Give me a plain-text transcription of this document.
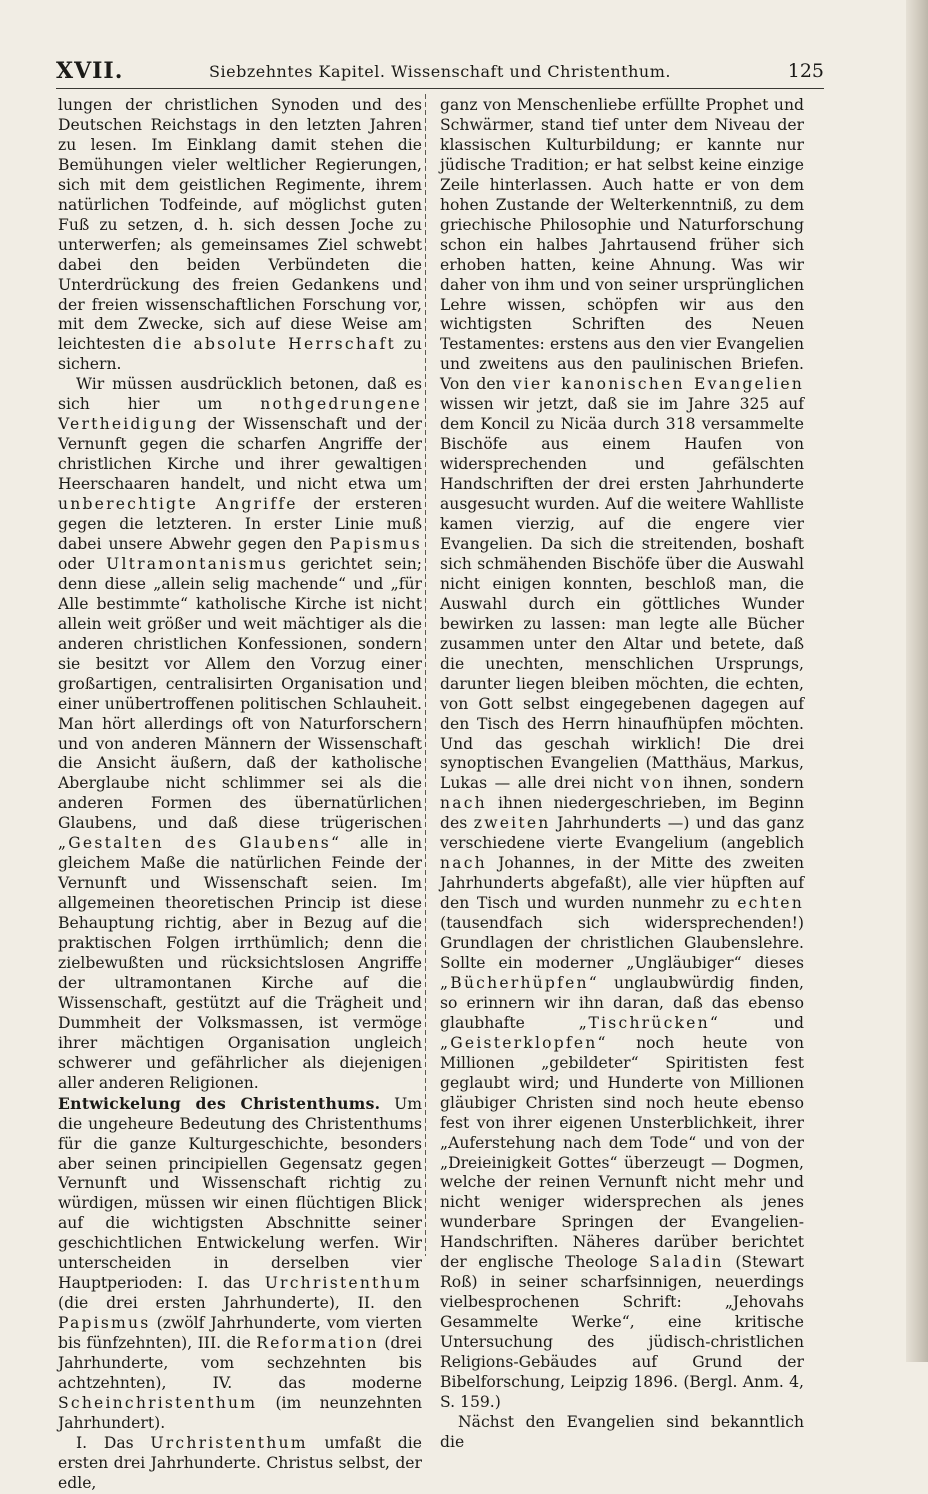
XVII.	Siebzehntes Kapitel. Wissenschaft und Christenthum.	125

lungen der christlichen Synoden und des Deutschen Reichstags in den letzten Jahren zu lesen. Im Einklang damit stehen die Bemühungen vieler weltlicher Regierungen, sich mit dem geistlichen Regimente, ihrem natürlichen Todfeinde, auf möglichst guten Fuß zu setzen, d. h. sich dessen Joche zu unterwerfen; als gemeinsames Ziel schwebt dabei den beiden Verbündeten die Unterdrückung des freien Gedankens und der freien wissenschaftlichen Forschung vor, mit dem Zwecke, sich auf diese Weise am leichtesten die absolute Herrschaft zu sichern.

Wir müssen ausdrücklich betonen, daß es sich hier um nothgedrungene Vertheidigung der Wissenschaft und der Vernunft gegen die scharfen Angriffe der christlichen Kirche und ihrer gewaltigen Heerschaaren handelt, und nicht etwa um unberechtigte Angriffe der ersteren gegen die letzteren. In erster Linie muß dabei unsere Abwehr gegen den Papismus oder Ultramontanismus gerichtet sein; denn diese „allein selig machende“ und „für Alle bestimmte“ katholische Kirche ist nicht allein weit größer und weit mächtiger als die anderen christlichen Konfessionen, sondern sie besitzt vor Allem den Vorzug einer großartigen, centralisirten Organisation und einer unübertroffenen politischen Schlauheit. Man hört allerdings oft von Naturforschern und von anderen Männern der Wissenschaft die Ansicht äußern, daß der katholische Aberglaube nicht schlimmer sei als die anderen Formen des übernatürlichen Glaubens, und daß diese trügerischen „Gestalten des Glaubens“ alle in gleichem Maße die natürlichen Feinde der Vernunft und Wissenschaft seien. Im allgemeinen theoretischen Princip ist diese Behauptung richtig, aber in Bezug auf die praktischen Folgen irrthümlich; denn die zielbewußten und rücksichtslosen Angriffe der ultramontanen Kirche auf die Wissenschaft, gestützt auf die Trägheit und Dummheit der Volksmassen, ist vermöge ihrer mächtigen Organisation ungleich schwerer und gefährlicher als diejenigen aller anderen Religionen.

Entwickelung des Christenthums. Um die ungeheure Bedeutung des Christenthums für die ganze Kulturgeschichte, besonders aber seinen principiellen Gegensatz gegen Vernunft und Wissenschaft richtig zu würdigen, müssen wir einen flüchtigen Blick auf die wichtigsten Abschnitte seiner geschichtlichen Entwickelung werfen. Wir unterscheiden in derselben vier Hauptperioden: I. das Urchristenthum (die drei ersten Jahrhunderte), II. den Papismus (zwölf Jahrhunderte, vom vierten bis fünfzehnten), III. die Reformation (drei Jahrhunderte, vom sechzehnten bis achtzehnten), IV. das moderne Scheinchristenthum (im neunzehnten Jahrhundert).

I. Das Urchristenthum umfaßt die ersten drei Jahrhunderte. Christus selbst, der edle,

ganz von Menschenliebe erfüllte Prophet und Schwärmer, stand tief unter dem Niveau der klassischen Kulturbildung; er kannte nur jüdische Tradition; er hat selbst keine einzige Zeile hinterlassen. Auch hatte er von dem hohen Zustande der Welterkenntniß, zu dem griechische Philosophie und Naturforschung schon ein halbes Jahrtausend früher sich erhoben hatten, keine Ahnung. Was wir daher von ihm und von seiner ursprünglichen Lehre wissen, schöpfen wir aus den wichtigsten Schriften des Neuen Testamentes: erstens aus den vier Evangelien und zweitens aus den paulinischen Briefen. Von den vier kanonischen Evangelien wissen wir jetzt, daß sie im Jahre 325 auf dem Koncil zu Nicäa durch 318 versammelte Bischöfe aus einem Haufen von widersprechenden und gefälschten Handschriften der drei ersten Jahrhunderte ausgesucht wurden. Auf die weitere Wahlliste kamen vierzig, auf die engere vier Evangelien. Da sich die streitenden, boshaft sich schmähenden Bischöfe über die Auswahl nicht einigen konnten, beschloß man, die Auswahl durch ein göttliches Wunder bewirken zu lassen: man legte alle Bücher zusammen unter den Altar und betete, daß die unechten, menschlichen Ursprungs, darunter liegen bleiben möchten, die echten, von Gott selbst eingegebenen dagegen auf den Tisch des Herrn hinaufhüpfen möchten. Und das geschah wirklich! Die drei synoptischen Evangelien (Matthäus, Markus, Lukas — alle drei nicht von ihnen, sondern nach ihnen niedergeschrieben, im Beginn des zweiten Jahrhunderts —) und das ganz verschiedene vierte Evangelium (angeblich nach Johannes, in der Mitte des zweiten Jahrhunderts abgefaßt), alle vier hüpften auf den Tisch und wurden nunmehr zu echten (tausendfach sich widersprechenden!) Grundlagen der christlichen Glaubenslehre. Sollte ein moderner „Ungläubiger“ dieses „Bücherhüpfen“ unglaubwürdig finden, so erinnern wir ihn daran, daß das ebenso glaubhafte	„Tischrücken“	und „Geisterklopfen“ noch heute von Millionen „gebildeter“ Spiritisten fest geglaubt wird; und Hunderte von Millionen gläubiger Christen sind noch heute ebenso fest von ihrer eigenen Unsterblichkeit, ihrer „Auferstehung nach dem Tode“ und von der „Dreieinigkeit Gottes“ überzeugt — Dogmen, welche der reinen Vernunft nicht mehr und nicht weniger widersprechen als jenes wunderbare Springen der Evangelien-Handschriften. Näheres darüber berichtet der englische Theologe Saladin (Stewart Roß) in seiner scharfsinnigen, neuerdings vielbesprochenen Schrift: „Jehovahs Gesammelte Werke“, eine kritische Untersuchung des jüdisch-christlichen Religions-Gebäudes auf Grund der Bibelforschung, Leipzig 1896. (Bergl. Anm. 4, S. 159.)

Nächst den Evangelien sind bekanntlich die
